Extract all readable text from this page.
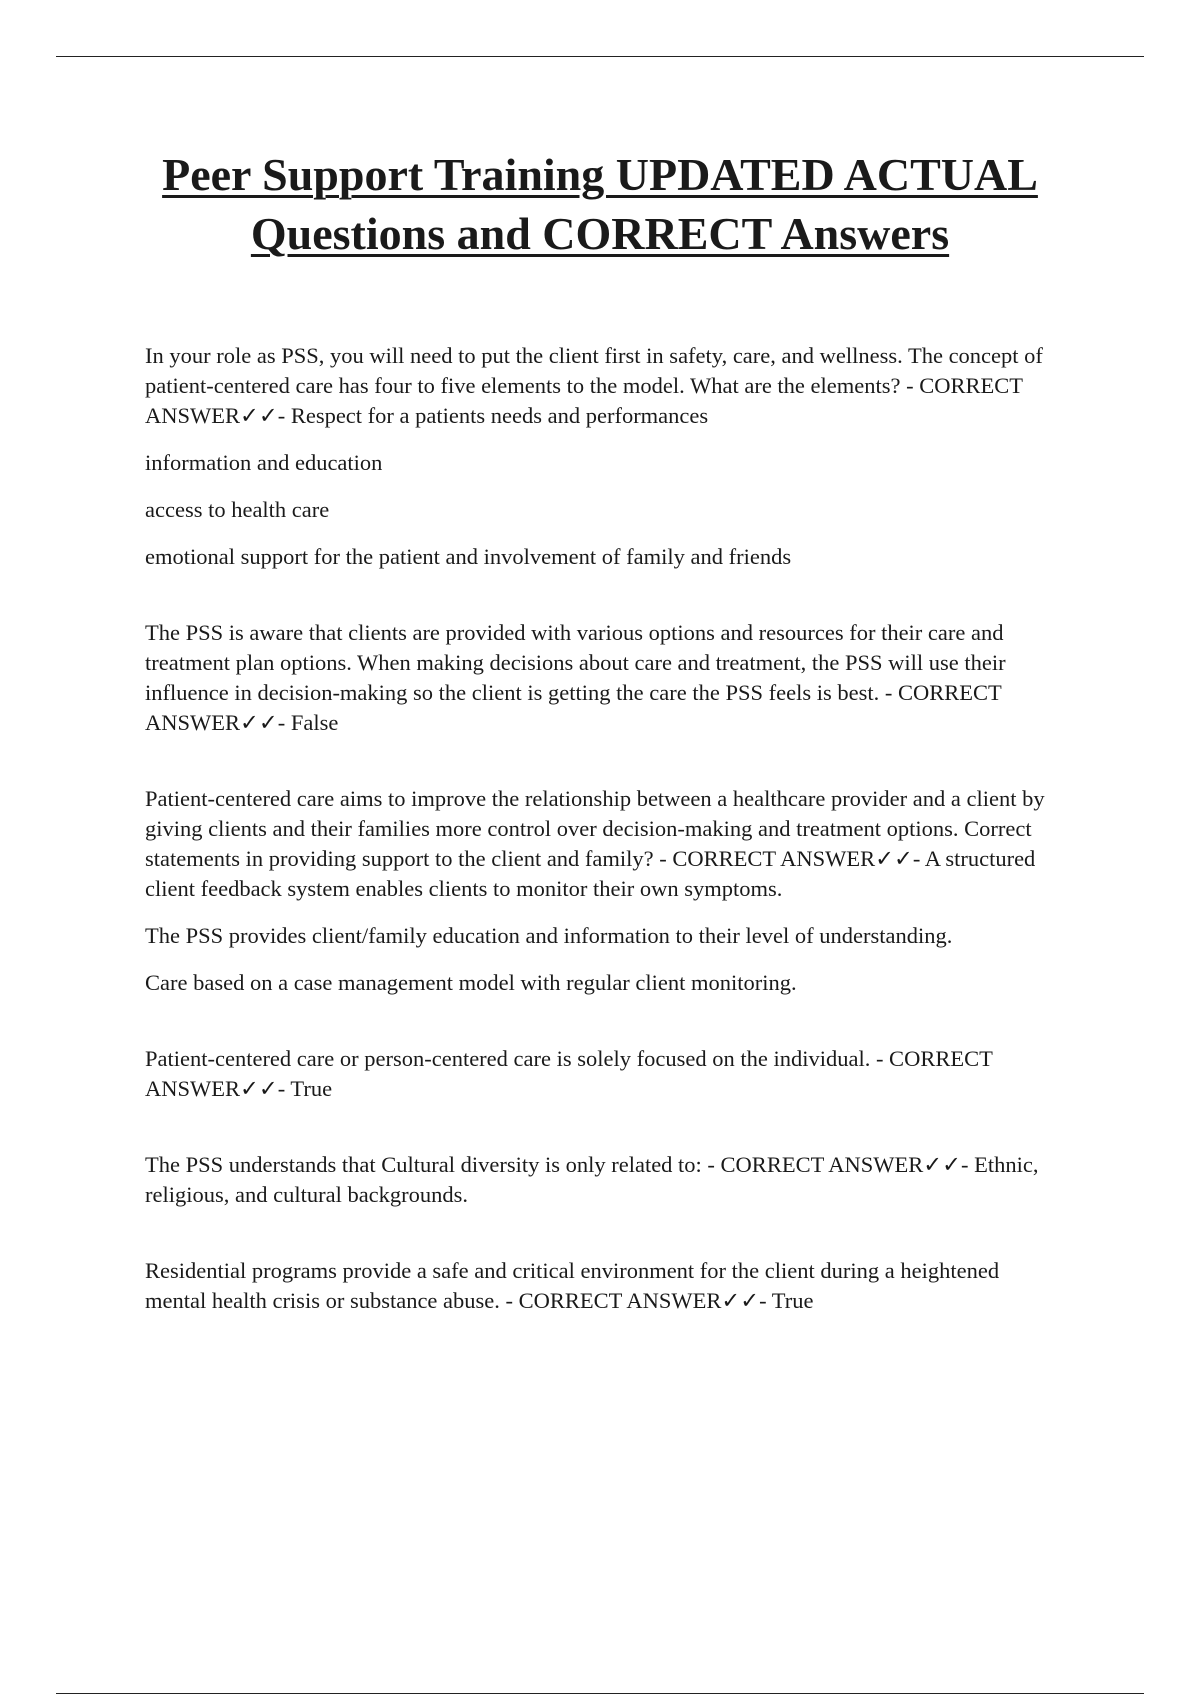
Peer Support Training UPDATED ACTUAL Questions and CORRECT Answers

In your role as PSS, you will need to put the client first in safety, care, and wellness. The concept of patient-centered care has four to five elements to the model. What are the elements? - CORRECT ANSWER✓✓- Respect for a patients needs and performances

information and education

access to health care

emotional support for the patient and involvement of family and friends

The PSS is aware that clients are provided with various options and resources for their care and treatment plan options. When making decisions about care and treatment, the PSS will use their influence in decision-making so the client is getting the care the PSS feels is best. - CORRECT ANSWER✓✓- False

Patient-centered care aims to improve the relationship between a healthcare provider and a client by giving clients and their families more control over decision-making and treatment options. Correct statements in providing support to the client and family? - CORRECT ANSWER✓✓- A structured client feedback system enables clients to monitor their own symptoms.

The PSS provides client/family education and information to their level of understanding.

Care based on a case management model with regular client monitoring.

Patient-centered care or person-centered care is solely focused on the individual. - CORRECT ANSWER✓✓- True

The PSS understands that Cultural diversity is only related to: - CORRECT ANSWER✓✓- Ethnic, religious, and cultural backgrounds.

Residential programs provide a safe and critical environment for the client during a heightened mental health crisis or substance abuse. - CORRECT ANSWER✓✓- True
